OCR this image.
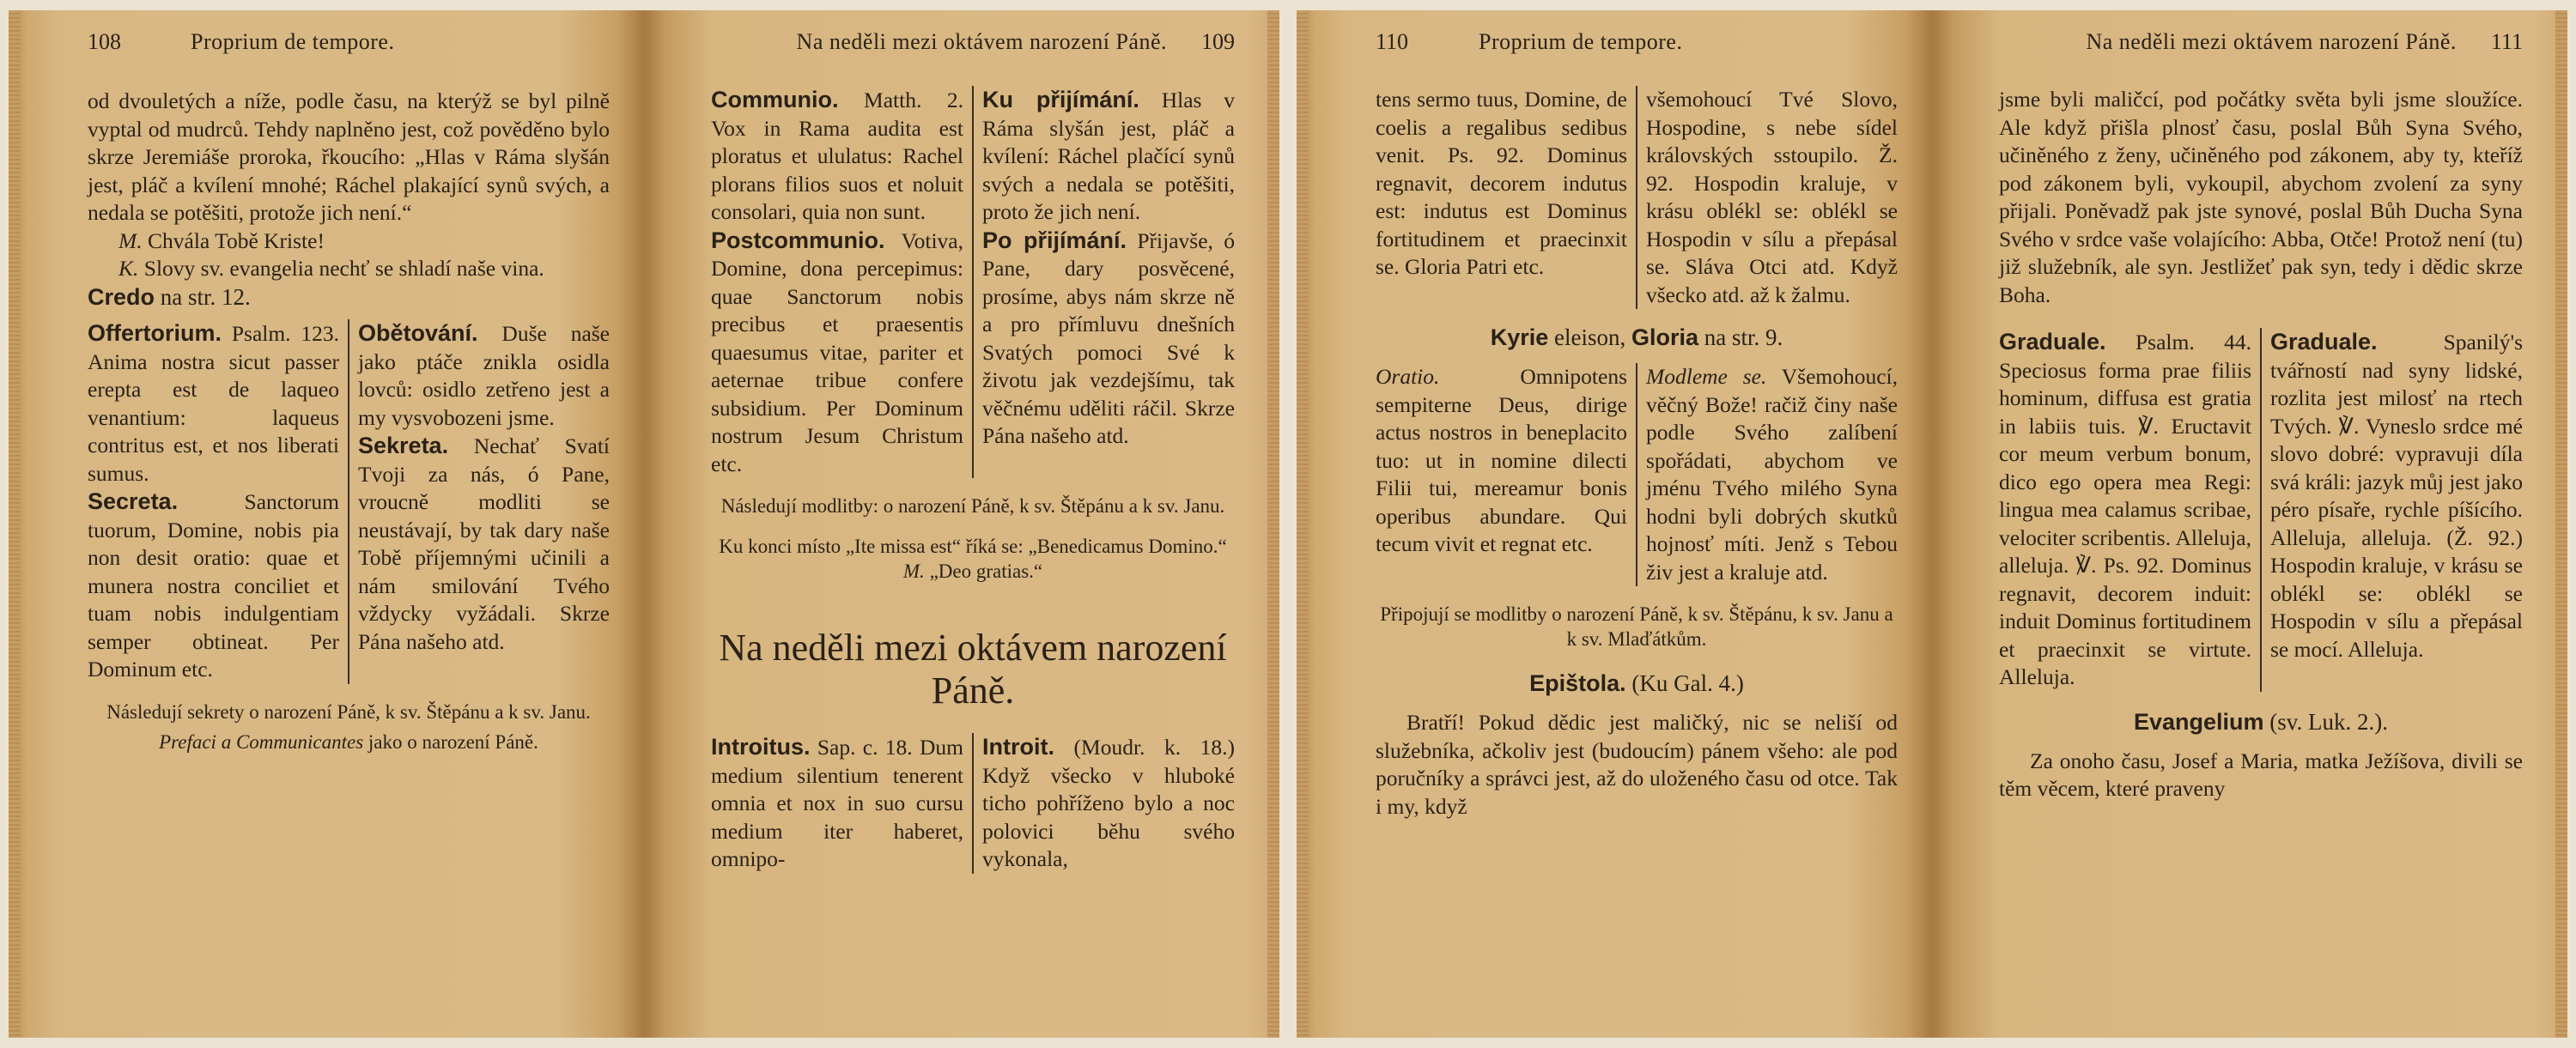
108	Proprium de tempore.

od dvouletých a níže, podle času, na kterýž se byl pilně vyptal od mudrců. Tehdy naplněno jest, což pověděno bylo skrze Jeremiáše proroka, řkoucího: „Hlas v Ráma slyšán jest, pláč a kvílení mnohé; Ráchel plakající synů svých, a nedala se potěšiti, protože jich není.“

M. Chvála Tobě Kriste!

K. Slovy sv. evangelia nechť se shladí naše vina.

Credo na str. 12.

Offertorium. Psalm. 123. Anima nostra sicut passer erepta est de laqueo venantium: laqueus contritus est, et nos liberati sumus.

Secreta.	Sanctorum tuorum, Domine, nobis pia non desit oratio: quae et munera nostra conciliet et tuam nobis indulgentiam semper obtineat. Per Dominum etc.

Obětování. Duše naše jako ptáče znikla osidla lovců: osidlo zetřeno jest a my vysvobozeni jsme.

Sekreta. Nechať Svatí Tvoji za nás, ó Pane, vroucně modliti se neustávají, by tak dary naše Tobě příjemnými učinili a nám smilování Tvého vždycky vyžádali. Skrze Pána našeho atd.

Následují sekrety o narození Páně, k sv. Štěpánu a k sv. Janu.
Prefaci a Communicantes jako o narození Páně.
Na neděli mezi oktávem narození Páně. 109

Communio. Matth. 2. Vox in Rama audita est ploratus et ululatus: Rachel plorans filios suos et noluit consolari, quia non sunt.

Postcommunio. Votiva, Domine, dona percepimus: quae Sanctorum nobis precibus et praesentis quaesumus vitae, pariter et aeternae tribue confere subsidium. Per Dominum nostrum Jesum Christum etc.

Ku přijímání. Hlas v Ráma slyšán jest, pláč a kvílení: Ráchel plačící synů svých a nedala se potěšiti, proto že jich není.

Po přijímání. Přijavše, ó Pane, dary posvěcené, prosíme, abys nám skrze ně a pro přímluvu dnešních Svatých pomoci Své k životu jak vezdejšímu, tak věčnému uděliti ráčil. Skrze Pána našeho atd.

Následují modlitby: o narození Páně, k sv. Štěpánu a k sv. Janu.
Ku konci místo „Ite missa est“ říká se: „Benedicamus Domino.“ M. „Deo gratias.“
Na neděli mezi oktávem narození Páně.

Introitus. Sap. c. 18. Dum medium silentium tenerent omnia et nox in suo cursu medium iter haberet, omnipo-

Introit. (Moudr. k. 18.) Když všecko v hluboké ticho pohříženo bylo a noc polovici běhu svého vykonala,

110	Proprium de tempore.

tens sermo tuus, Domine, de coelis a regalibus sedibus venit. Ps. 92. Dominus regnavit, decorem indutus est: indutus est Dominus fortitudinem et praecinxit se. Gloria Patri etc.

všemohoucí Tvé Slovo, Hospodine, s nebe sídel královských sstoupilo. Ž. 92. Hospodin kraluje, v krásu oblékl se: oblékl se Hospodin v sílu a přepásal se. Sláva Otci atd. Když všecko atd. až k žalmu.

Kyrie eleison, Gloria na str. 9.

Oratio.	Omnipotens sempiterne Deus, dirige actus nostros in beneplacito tuo: ut in nomine dilecti Filii tui, mereamur bonis operibus abundare. Qui tecum vivit et regnat etc.

Modleme se. Všemohoucí, věčný Bože! račiž činy naše podle Svého zalíbení spořádati, abychom ve jménu Tvého milého Syna hodni byli dobrých skutků hojnosť míti. Jenž s Tebou živ jest a kraluje atd.

Připojují se modlitby o narození Páně, k sv. Štěpánu, k sv. Janu a k sv. Mlaďátkům.

Epištola. (Ku Gal. 4.)

Bratří! Pokud dědic jest maličký, nic se neliší od služebníka, ačkoliv jest (budoucím) pánem všeho: ale pod poručníky a správci jest, až do uloženého času od otce. Tak i my, když

Na neděli mezi oktávem narození Páně. 111

jsme byli maličcí, pod počátky světa byli jsme sloužíce. Ale když přišla plnosť času, poslal Bůh Syna Svého, učiněného z ženy, učiněného pod zákonem, aby ty, kteříž pod zákonem byli, vykoupil, abychom zvolení za syny přijali. Poněvadž pak jste synové, poslal Bůh Ducha Syna Svého v srdce vaše volajícího: Abba, Otče! Protož není (tu) již služebník, ale syn. Jestližeť pak syn, tedy i dědic skrze Boha.

Graduale. Psalm. 44. Speciosus forma prae filiis hominum, diffusa est gratia in labiis tuis. ℣. Eructavit cor meum verbum bonum, dico ego opera mea Regi: lingua mea calamus scribae, velociter scribentis. Alleluja, alleluja. ℣. Ps. 92. Dominus regnavit, decorem induit: induit Dominus fortitudinem et praecinxit se virtute. Alleluja.

Graduale.	Spanilý's tvářností nad syny lidské, rozlita jest milosť na rtech Tvých. ℣. Vyneslo srdce mé slovo dobré: vypravuji díla svá králi: jazyk můj jest jako péro písaře, rychle píšícího. Alleluja, alleluja. (Ž. 92.) Hospodin kraluje, v krásu se oblékl se: oblékl se Hospodin v sílu a přepásal se mocí. Alleluja.

Evangelium (sv. Luk. 2.).

Za onoho času, Josef a Maria, matka Ježíšova, divili se těm věcem, které praveny
